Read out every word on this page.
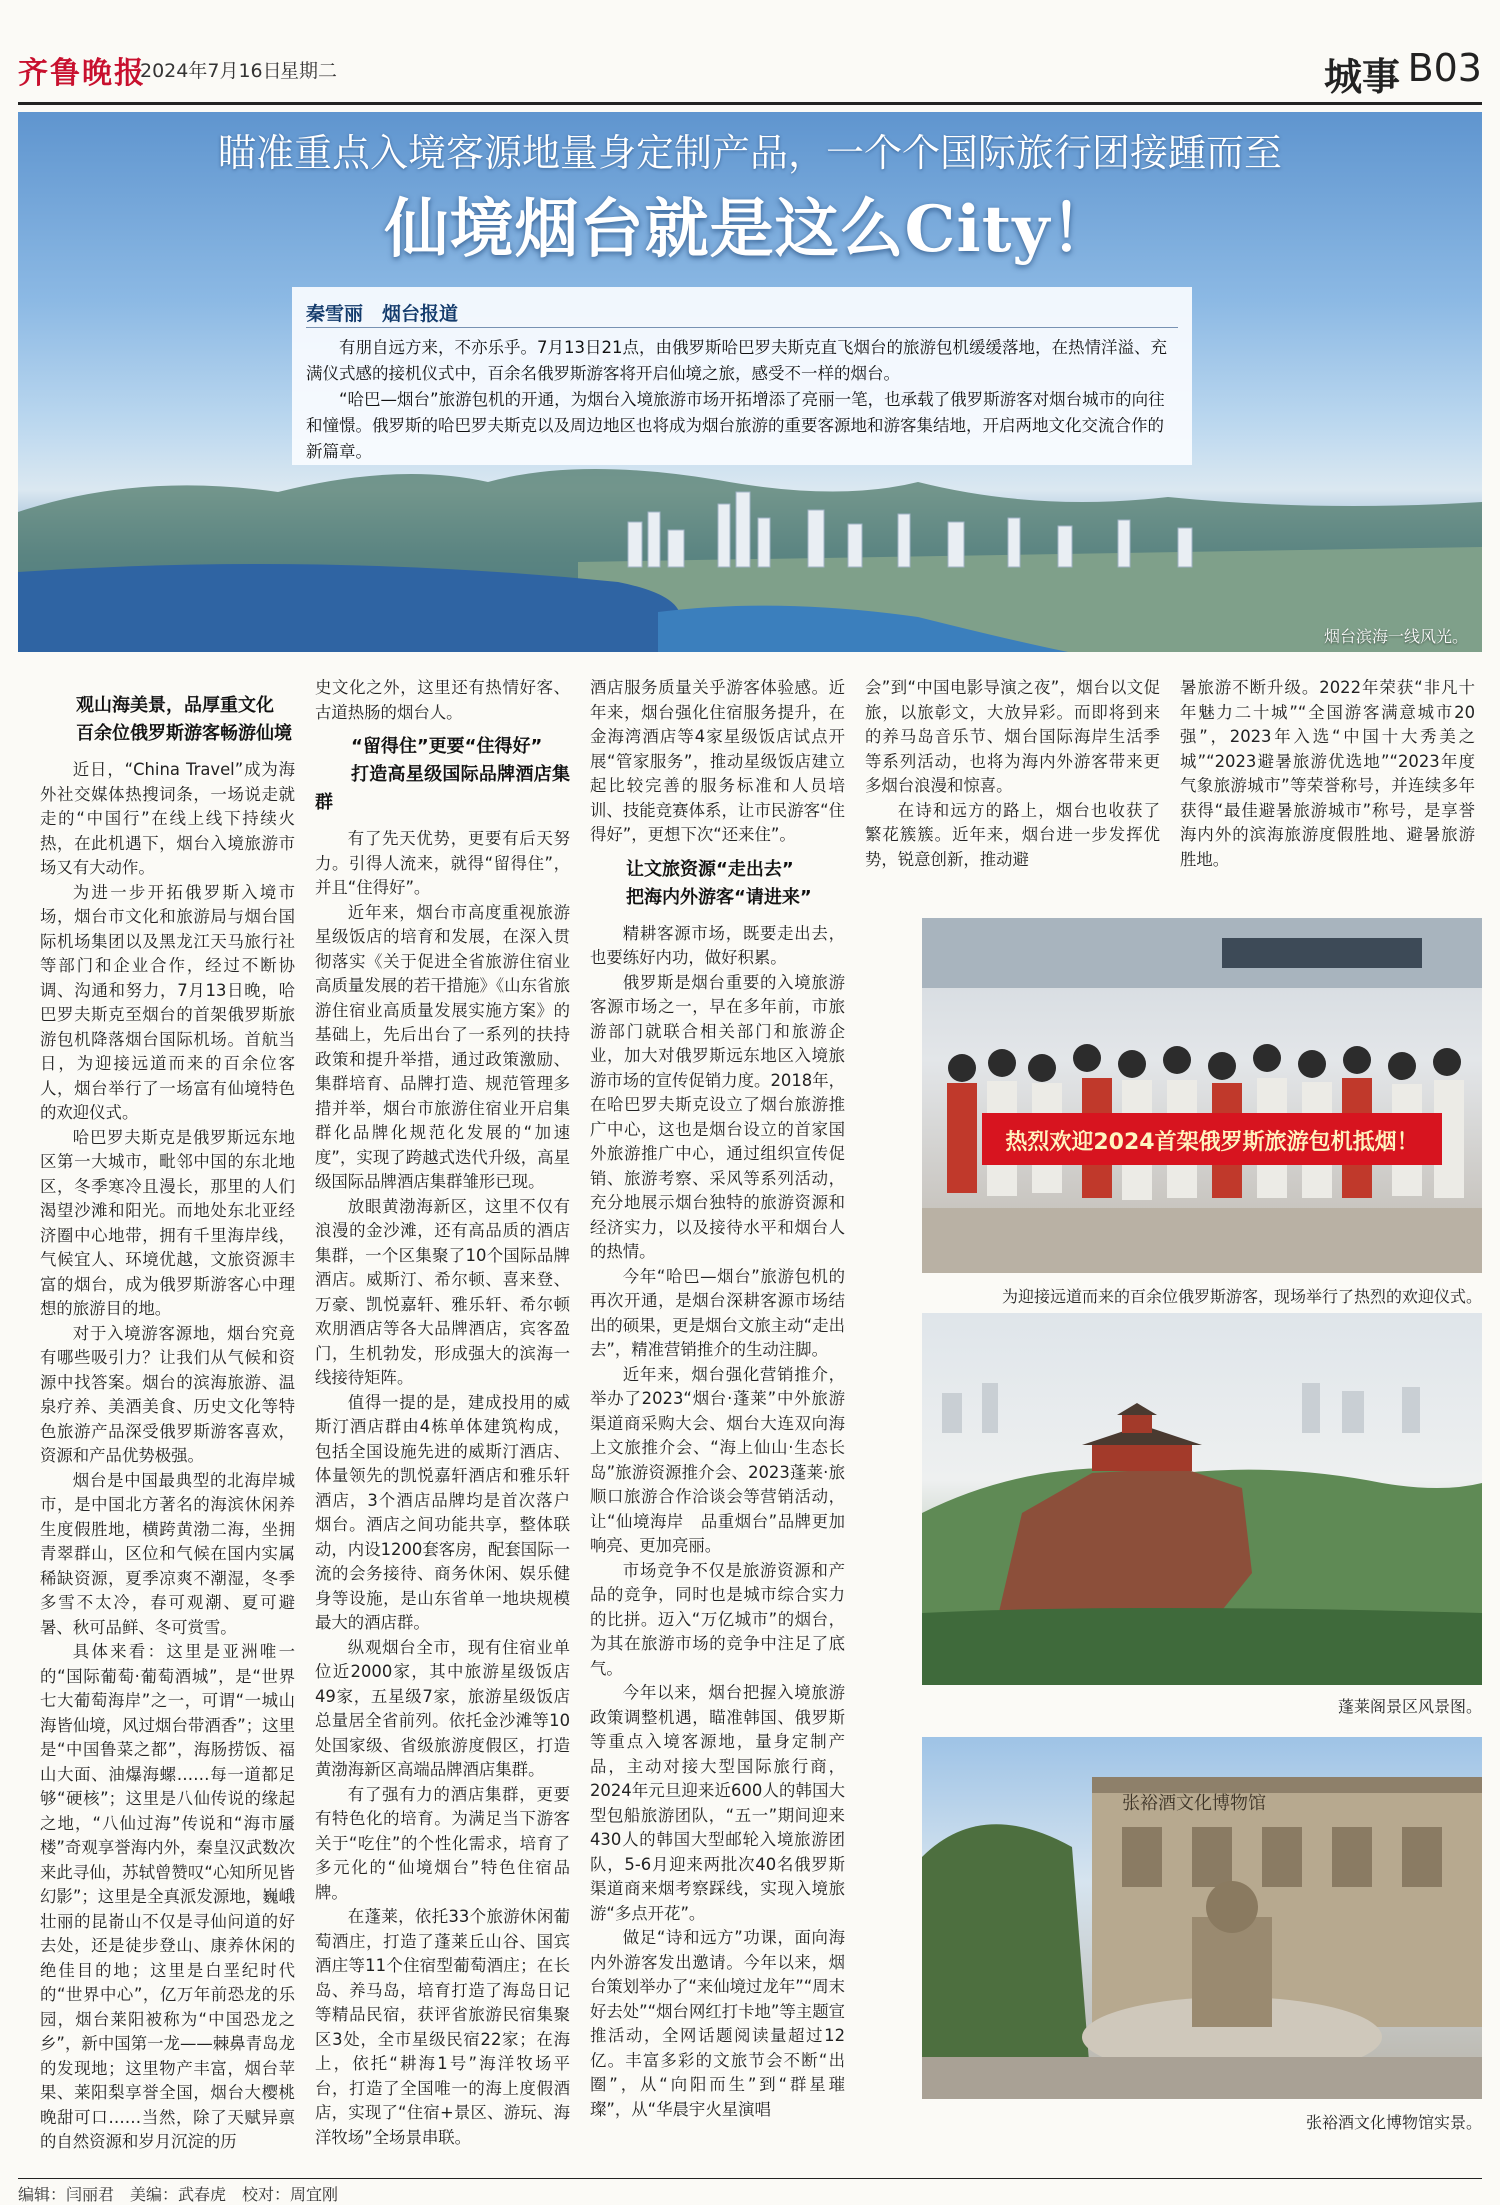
齐鲁晚报
2024年7月16日
星期二	城事 B03
瞄准重点入境客源地量身定制产品，一个个国际旅行团接踵而至
仙境烟台就是这么City！
秦雪丽　烟台报道

有朋自远方来，不亦乐乎。7月13日21点，由俄罗斯哈巴罗夫斯克直飞烟台的旅游包机缓缓落地，在热情洋溢、充满仪式感的接机仪式中，百余名俄罗斯游客将开启仙境之旅，感受不一样的烟台。

“哈巴—烟台”旅游包机的开通，为烟台入境旅游市场开拓增添了亮丽一笔，也承载了俄罗斯游客对烟台城市的向往和憧憬。俄罗斯的哈巴罗夫斯克以及周边地区也将成为烟台旅游的重要客源地和游客集结地，开启两地文化交流合作的新篇章。

烟台滨海一线风光。

观山海美景，品厚重文化

百余位俄罗斯游客畅游仙境

近日，“China Travel”成为海外社交媒体热搜词条，一场说走就走的“中国行”在线上线下持续火热，在此机遇下，烟台入境旅游市场又有大动作。

为进一步开拓俄罗斯入境市场，烟台市文化和旅游局与烟台国际机场集团以及黑龙江天马旅行社等部门和企业合作，经过不断协调、沟通和努力，7月13日晚，哈巴罗夫斯克至烟台的首架俄罗斯旅游包机降落烟台国际机场。首航当日，为迎接远道而来的百余位客人，烟台举行了一场富有仙境特色的欢迎仪式。

哈巴罗夫斯克是俄罗斯远东地区第一大城市，毗邻中国的东北地区，冬季寒冷且漫长，那里的人们渴望沙滩和阳光。而地处东北亚经济圈中心地带，拥有千里海岸线，气候宜人、环境优越，文旅资源丰富的烟台，成为俄罗斯游客心中理想的旅游目的地。

对于入境游客源地，烟台究竟有哪些吸引力？让我们从气候和资源中找答案。烟台的滨海旅游、温泉疗养、美酒美食、历史文化等特色旅游产品深受俄罗斯游客喜欢，资源和产品优势极强。

烟台是中国最典型的北海岸城市，是中国北方著名的海滨休闲养生度假胜地，横跨黄渤二海，坐拥青翠群山，区位和气候在国内实属稀缺资源，夏季凉爽不潮湿，冬季多雪不太冷，春可观潮、夏可避暑、秋可品鲜、冬可赏雪。

具体来看：这里是亚洲唯一的“国际葡萄·葡萄酒城”，是“世界七大葡萄海岸”之一，可谓“一城山海皆仙境，风过烟台带酒香”；这里是“中国鲁菜之都”，海肠捞饭、福山大面、油爆海螺……每一道都足够“硬核”；这里是八仙传说的缘起之地，“八仙过海”传说和“海市蜃楼”奇观享誉海内外，秦皇汉武数次来此寻仙，苏轼曾赞叹“心知所见皆幻影”；这里是全真派发源地，巍峨壮丽的昆嵛山不仅是寻仙问道的好去处，还是徒步登山、康养休闲的绝佳目的地；这里是白垩纪时代的“世界中心”，亿万年前恐龙的乐园，烟台莱阳被称为“中国恐龙之乡”，新中国第一龙——棘鼻青岛龙的发现地；这里物产丰富，烟台苹果、莱阳梨享誉全国，烟台大樱桃晚甜可口……当然，除了天赋异禀的自然资源和岁月沉淀的历

史文化之外，这里还有热情好客、古道热肠的烟台人。

“留得住”更要“住得好”

打造高星级国际品牌酒店集群

有了先天优势，更要有后天努力。引得人流来，就得“留得住”，并且“住得好”。

近年来，烟台市高度重视旅游星级饭店的培育和发展，在深入贯彻落实《关于促进全省旅游住宿业高质量发展的若干措施》《山东省旅游住宿业高质量发展实施方案》的基础上，先后出台了一系列的扶持政策和提升举措，通过政策激励、集群培育、品牌打造、规范管理多措并举，烟台市旅游住宿业开启集群化品牌化规范化发展的“加速度”，实现了跨越式迭代升级，高星级国际品牌酒店集群雏形已现。

放眼黄渤海新区，这里不仅有浪漫的金沙滩，还有高品质的酒店集群，一个区集聚了10个国际品牌酒店。威斯汀、希尔顿、喜来登、万豪、凯悦嘉轩、雅乐轩、希尔顿欢朋酒店等各大品牌酒店，宾客盈门，生机勃发，形成强大的滨海一线接待矩阵。

值得一提的是，建成投用的威斯汀酒店群由4栋单体建筑构成，包括全国设施先进的威斯汀酒店、体量领先的凯悦嘉轩酒店和雅乐轩酒店，3个酒店品牌均是首次落户烟台。酒店之间功能共享，整体联动，内设1200套客房，配套国际一流的会务接待、商务休闲、娱乐健身等设施，是山东省单一地块规模最大的酒店群。

纵观烟台全市，现有住宿业单位近2000家，其中旅游星级饭店49家，五星级7家，旅游星级饭店总量居全省前列。依托金沙滩等10处国家级、省级旅游度假区，打造黄渤海新区高端品牌酒店集群。

有了强有力的酒店集群，更要有特色化的培育。为满足当下游客关于“吃住”的个性化需求，培育了多元化的“仙境烟台”特色住宿品牌。

在蓬莱，依托33个旅游休闲葡萄酒庄，打造了蓬莱丘山谷、国宾酒庄等11个住宿型葡萄酒庄；在长岛、养马岛，培育打造了海岛日记等精品民宿，获评省旅游民宿集聚区3处，全市星级民宿22家；在海上，依托“耕海1号”海洋牧场平台，打造了全国唯一的海上度假酒店，实现了“住宿+景区、游玩、海洋牧场”全场景串联。

酒店服务质量关乎游客体验感。近年来，烟台强化住宿服务提升，在金海湾酒店等4家星级饭店试点开展“管家服务”，推动星级饭店建立起比较完善的服务标准和人员培训、技能竞赛体系，让市民游客“住得好”，更想下次“还来住”。

让文旅资源“走出去”

把海内外游客“请进来”

精耕客源市场，既要走出去，也要练好内功，做好积累。

俄罗斯是烟台重要的入境旅游客源市场之一，早在多年前，市旅游部门就联合相关部门和旅游企业，加大对俄罗斯远东地区入境旅游市场的宣传促销力度。2018年，在哈巴罗夫斯克设立了烟台旅游推广中心，这也是烟台设立的首家国外旅游推广中心，通过组织宣传促销、旅游考察、采风等系列活动，充分地展示烟台独特的旅游资源和经济实力，以及接待水平和烟台人的热情。

今年“哈巴—烟台”旅游包机的再次开通，是烟台深耕客源市场结出的硕果，更是烟台文旅主动“走出去”，精准营销推介的生动注脚。

近年来，烟台强化营销推介，举办了2023“烟台·蓬莱”中外旅游渠道商采购大会、烟台大连双向海上文旅推介会、“海上仙山·生态长岛”旅游资源推介会、2023蓬莱·旅顺口旅游合作洽谈会等营销活动，让“仙境海岸　品重烟台”品牌更加响亮、更加亮丽。

市场竞争不仅是旅游资源和产品的竞争，同时也是城市综合实力的比拼。迈入“万亿城市”的烟台，为其在旅游市场的竞争中注足了底气。

今年以来，烟台把握入境旅游政策调整机遇，瞄准韩国、俄罗斯等重点入境客源地，量身定制产品，主动对接大型国际旅行商，2024年元旦迎来近600人的韩国大型包船旅游团队，“五一”期间迎来430人的韩国大型邮轮入境旅游团队，5-6月迎来两批次40名俄罗斯渠道商来烟考察踩线，实现入境旅游“多点开花”。

做足“诗和远方”功课，面向海内外游客发出邀请。今年以来，烟台策划举办了“来仙境过龙年”“周末好去处”“烟台网红打卡地”等主题宣推活动，全网话题阅读量超过12亿。丰富多彩的文旅节会不断“出圈”，从“向阳而生”到“群星璀璨”，从“华晨宇火星演唱

会”到“中国电影导演之夜”，烟台以文促旅，以旅彰文，大放异彩。而即将到来的养马岛音乐节、烟台国际海岸生活季等系列活动，也将为海内外游客带来更多烟台浪漫和惊喜。

在诗和远方的路上，烟台也收获了繁花簇簇。近年来，烟台进一步发挥优势，锐意创新，推动避

暑旅游不断升级。2022年荣获“非凡十年魅力二十城”“全国游客满意城市20强”，2023年入选“中国十大秀美之城”“2023避暑旅游优选地”“2023年度气象旅游城市”等荣誉称号，并连续多年获得“最佳避暑旅游城市”称号，是享誉海内外的滨海旅游度假胜地、避暑旅游胜地。

热烈欢迎2024首架俄罗斯旅游包机抵烟！
为迎接远道而来的百余位俄罗斯游客，现场举行了热烈的欢迎仪式。
蓬莱阁景区风景图。
张裕酒文化博物馆
张裕酒文化博物馆实景。
编辑：闫丽君　美编：武春虎　校对：周宜刚
